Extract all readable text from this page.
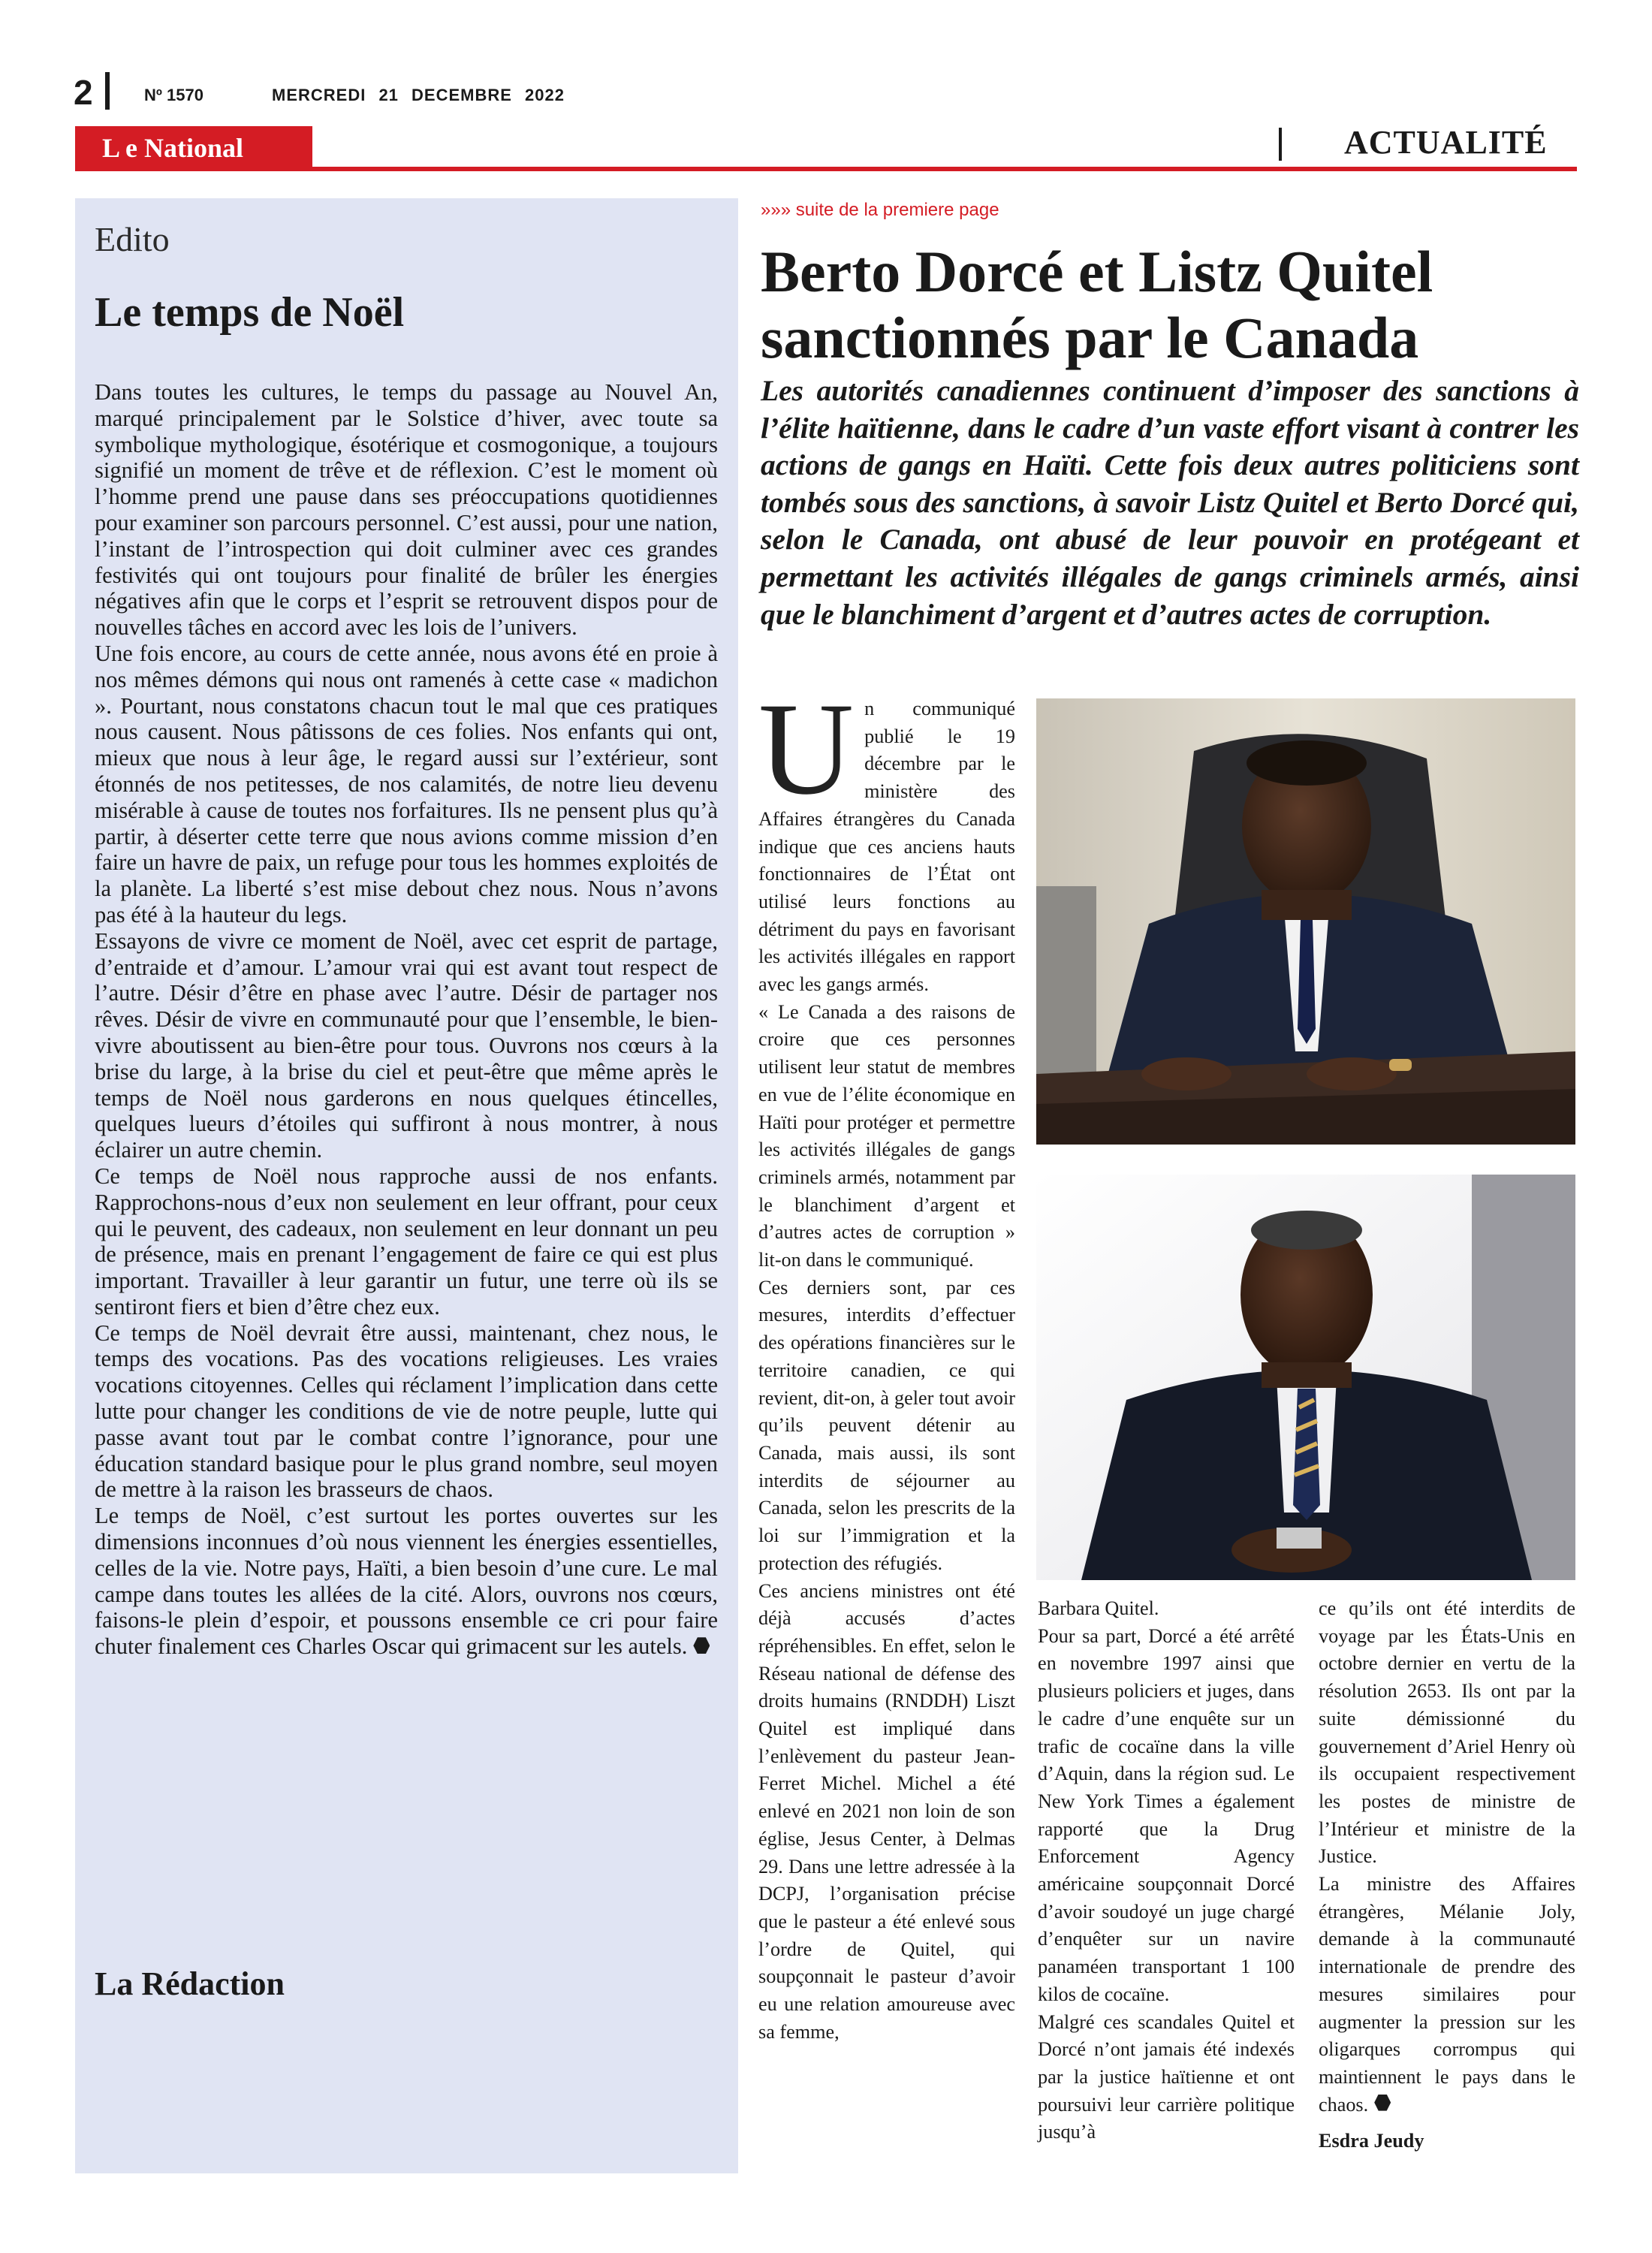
2	Nº 1570	MERCREDI 21 DECEMBRE 2022
L e National	ACTUALITÉ
Edito
Le temps de Noël

Dans toutes les cultures, le temps du passage au Nouvel An, marqué principalement par le Solstice d’hiver, avec toute sa symbolique mythologique, ésotérique et cosmogonique, a toujours signifié un moment de trêve et de réflexion. C’est le moment où l’homme prend une pause dans ses préoccupations quotidiennes pour examiner son parcours personnel. C’est aussi, pour une nation, l’instant de l’introspection qui doit culminer avec ces grandes festivités qui ont toujours pour finalité de brûler les énergies négatives afin que le corps et l’esprit se retrouvent dispos pour de nouvelles tâches en accord avec les lois de l’univers.

Une fois encore, au cours de cette année, nous avons été en proie à nos mêmes démons qui nous ont ramenés à cette case « madichon ». Pourtant, nous constatons chacun tout le mal que ces pratiques nous causent. Nous pâtissons de ces folies. Nos enfants qui ont, mieux que nous à leur âge, le regard aussi sur l’extérieur, sont étonnés de nos petitesses, de nos calamités, de notre lieu devenu misérable à cause de toutes nos forfaitures. Ils ne pensent plus qu’à partir, à déserter cette terre que nous avions comme mission d’en faire un havre de paix, un refuge pour tous les hommes exploités de la planète. La liberté s’est mise debout chez nous. Nous n’avons pas été à la hauteur du legs.

Essayons de vivre ce moment de Noël, avec cet esprit de partage, d’entraide et d’amour. L’amour vrai qui est avant tout respect de l’autre. Désir d’être en phase avec l’autre. Désir de partager nos rêves. Désir de vivre en communauté pour que l’ensemble, le bien-vivre aboutissent au bien-être pour tous. Ouvrons nos cœurs à la brise du large, à la brise du ciel et peut-être que même après le temps de Noël nous garderons en nous quelques étincelles, quelques lueurs d’étoiles qui suffiront à nous montrer, à nous éclairer un autre chemin.

Ce temps de Noël nous rapproche aussi de nos enfants. Rapprochons-nous d’eux non seulement en leur offrant, pour ceux qui le peuvent, des cadeaux, non seulement en leur donnant un peu de présence, mais en prenant l’engagement de faire ce qui est plus important. Travailler à leur garantir un futur, une terre où ils se sentiront fiers et bien d’être chez eux.

Ce temps de Noël devrait être aussi, maintenant, chez nous, le temps des vocations. Pas des vocations religieuses. Les vraies vocations citoyennes. Celles qui réclament l’implication dans cette lutte pour changer les conditions de vie de notre peuple, lutte qui passe avant tout par le combat contre l’ignorance, pour une éducation standard basique pour le plus grand nombre, seul moyen de mettre à la raison les brasseurs de chaos.

Le temps de Noël, c’est surtout les portes ouvertes sur les dimensions inconnues d’où nous viennent les énergies essentielles, celles de la vie. Notre pays, Haïti, a bien besoin d’une cure. Le mal campe dans toutes les allées de la cité. Alors, ouvrons nos cœurs, faisons-le plein d’espoir, et poussons ensemble ce cri pour faire chuter finalement ces Charles Oscar qui grimacent sur les autels.

La Rédaction
»»» suite de la premiere page
Berto Dorcé et Listz Quitel sanctionnés par le Canada
Les autorités canadiennes continuent d’imposer des sanctions à l’élite haïtienne, dans le cadre d’un vaste effort visant à contrer les actions de gangs en Haïti. Cette fois deux autres politiciens sont tombés sous des sanctions, à savoir Listz Quitel et Berto Dorcé qui, selon le Canada, ont abusé de leur pouvoir en protégeant et permettant les activités illégales de gangs criminels armés, ainsi que le blanchiment d’argent et d’autres actes de corruption.
U n communiqué publié le 19 décembre par le ministère des Affaires étrangères du Canada indique que ces anciens hauts fonctionnaires de l’État ont utilisé leurs fonctions au détriment du pays en favorisant les activités illégales en rapport avec les gangs armés.

« Le Canada a des raisons de croire que ces personnes utilisent leur statut de membres en vue de l’élite économique en Haïti pour protéger et permettre les activités illégales de gangs criminels armés, notamment par le blanchiment d’argent et d’autres actes de corruption » lit-on dans le communiqué.

Ces derniers sont, par ces mesures, interdits d’effectuer des opérations financières sur le territoire canadien, ce qui revient, dit-on, à geler tout avoir qu’ils peuvent détenir au Canada, mais aussi, ils sont interdits de séjourner au Canada, selon les prescrits de la loi sur l’immigration et la protection des réfugiés.

Ces anciens ministres ont été déjà accusés d’actes répréhensibles. En effet, selon le Réseau national de défense des droits humains (RNDDH) Liszt Quitel est impliqué dans l’enlèvement du pasteur Jean-Ferret Michel. Michel a été enlevé en 2021 non loin de son église, Jesus Center, à Delmas 29. Dans une lettre adressée à la DCPJ, l’organisation précise que le pasteur a été enlevé sous l’ordre de Quitel, qui soupçonnait le pasteur d’avoir eu une relation amoureuse avec sa femme,

Barbara Quitel.

Pour sa part, Dorcé a été arrêté en novembre 1997 ainsi que plusieurs policiers et juges, dans le cadre d’une enquête sur un trafic de cocaïne dans la ville d’Aquin, dans la région sud. Le New York Times a également rapporté que la Drug Enforcement Agency américaine soupçonnait Dorcé d’avoir soudoyé un juge chargé d’enquêter sur un navire panaméen transportant 1 100 kilos de cocaïne.

Malgré ces scandales Quitel et Dorcé n’ont jamais été indexés par la justice haïtienne et ont poursuivi leur carrière politique jusqu’à

ce qu’ils ont été interdits de voyage par les États-Unis en octobre dernier en vertu de la résolution 2653. Ils ont par la suite démissionné du gouvernement d’Ariel Henry où ils occupaient respectivement les postes de ministre de l’Intérieur et ministre de la Justice.

La ministre des Affaires étrangères, Mélanie Joly, demande à la communauté internationale de prendre des mesures similaires pour augmenter la pression sur les oligarques corrompus qui maintiennent le pays dans le chaos.

Esdra Jeudy
